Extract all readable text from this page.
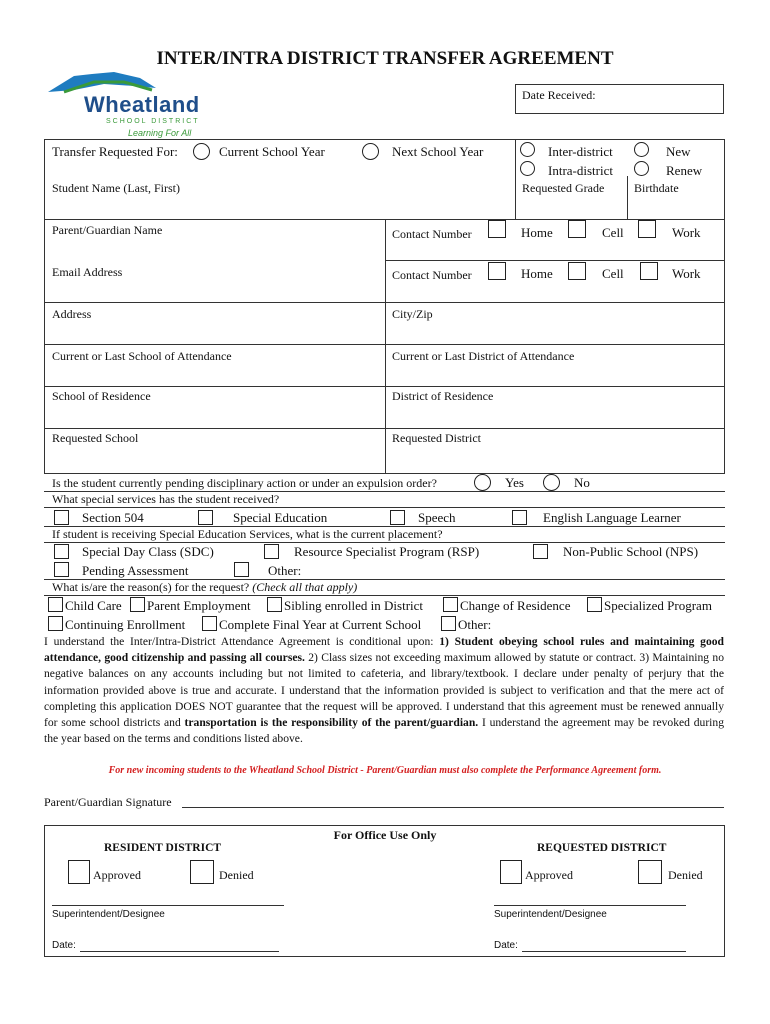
INTER/INTRA DISTRICT TRANSFER AGREEMENT
Wheatland
SCHOOL DISTRICT
Learning For All
Date Received:
Transfer Requested For:	Current School Year	Next School Year	Inter-district
Intra-district
New
Renew
Student Name (Last, First)	Requested Grade Birthdate
Parent/Guardian Name	Contact Number	Home	Cell	Work
Email Address	Contact Number	Home	Cell	Work
Address	City/Zip
Current or Last School of Attendance	Current or Last District of Attendance
School of Residence	District of Residence
Requested School	Requested District
Is the student currently pending disciplinary action or under an expulsion order?	Yes	No
What special services has the student received?
Section 504	Special Education	Speech	English Language Learner
If student is receiving Special Education Services, what is the current placement?
Special Day Class (SDC)	Resource Specialist Program (RSP)	Non-Public School (NPS)
Pending Assessment	Other:
What is/are the reason(s) for the request? (Check all that apply)
Child Care Parent Employment	Sibling enrolled in District	Change of Residence	Specialized Program
Continuing Enrollment	Complete Final Year at Current School	Other:
I understand the Inter/Intra-District Attendance Agreement is conditional upon: 1) Student obeying school rules and maintaining good attendance, good citizenship and passing all courses. 2) Class sizes not exceeding maximum allowed by statute or contract. 3) Maintaining no negative balances on any accounts including but not limited to cafeteria, and library/textbook. I declare under penalty of perjury that the information provided above is true and accurate. I understand that the information provided is subject to verification and that the mere act of completing this application DOES NOT guarantee that the request will be approved. I understand that this agreement must be renewed annually for some school districts and transportation is the responsibility of the parent/guardian. I understand the agreement may be revoked during the year based on the terms and conditions listed above.
For new incoming students to the Wheatland School District - Parent/Guardian must also complete the Performance Agreement form.
Parent/Guardian Signature
For Office Use Only
RESIDENT DISTRICT	REQUESTED DISTRICT
Approved	Denied	Approved	Denied
Superintendent/Designee	Superintendent/Designee
Date:	Date:
